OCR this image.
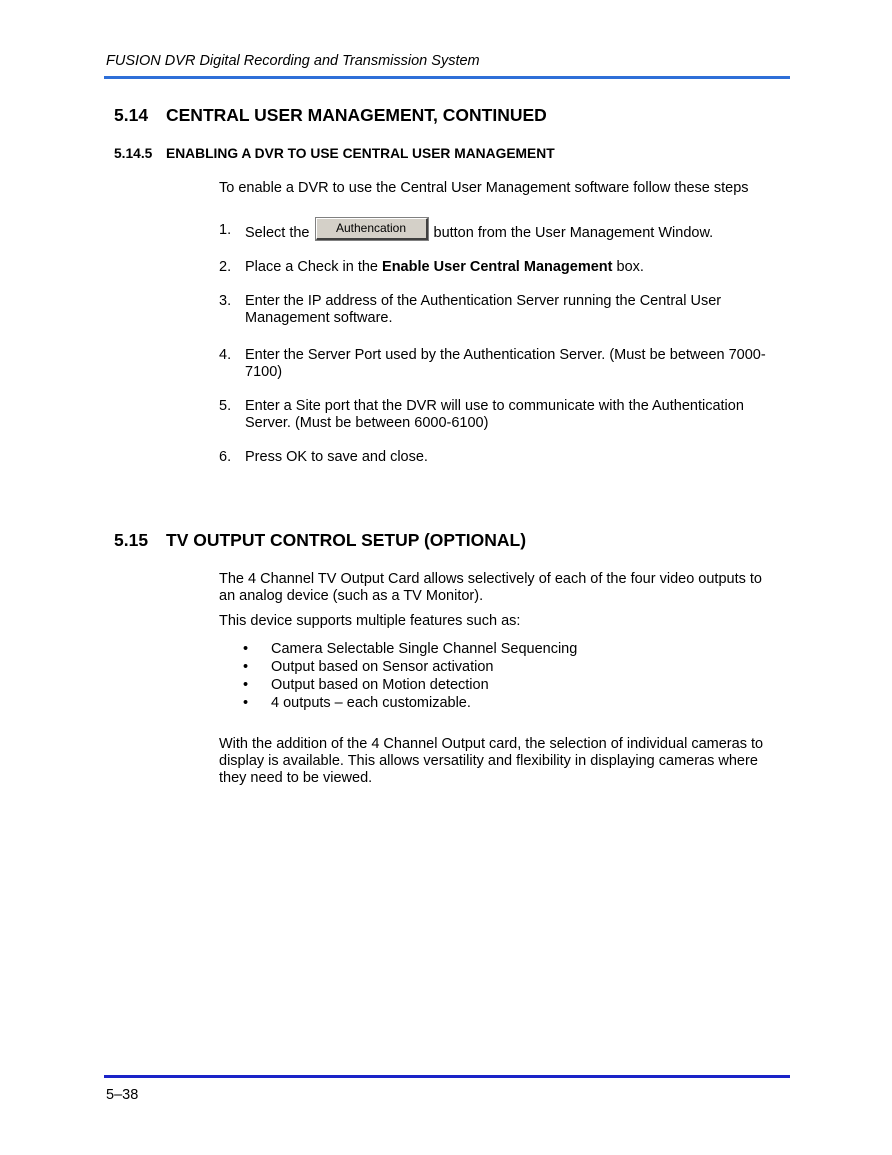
FUSION DVR Digital Recording and Transmission System
5.14 CENTRAL USER MANAGEMENT, CONTINUED
5.14.5 ENABLING A DVR TO USE CENTRAL USER MANAGEMENT
To enable a DVR to use the Central User Management software follow these steps
1. Select the Authencation button from the User Management Window.
2. Place a Check in the Enable User Central Management box.
3. Enter the IP address of the Authentication Server running the Central User Management software.
4. Enter the Server Port used by the Authentication Server. (Must be between 7000-7100)
5. Enter a Site port that the DVR will use to communicate with the Authentication Server. (Must be between 6000-6100)
6. Press OK to save and close.
5.15 TV OUTPUT CONTROL SETUP (OPTIONAL)
The 4 Channel TV Output Card allows selectively of each of the four video outputs to an analog device (such as a TV Monitor).
This device supports multiple features such as:
• Camera Selectable Single Channel Sequencing
• Output based on Sensor activation
• Output based on Motion detection
• 4 outputs – each customizable.
With the addition of the 4 Channel Output card, the selection of individual cameras to display is available. This allows versatility and flexibility in displaying cameras where they need to be viewed.
5–38
